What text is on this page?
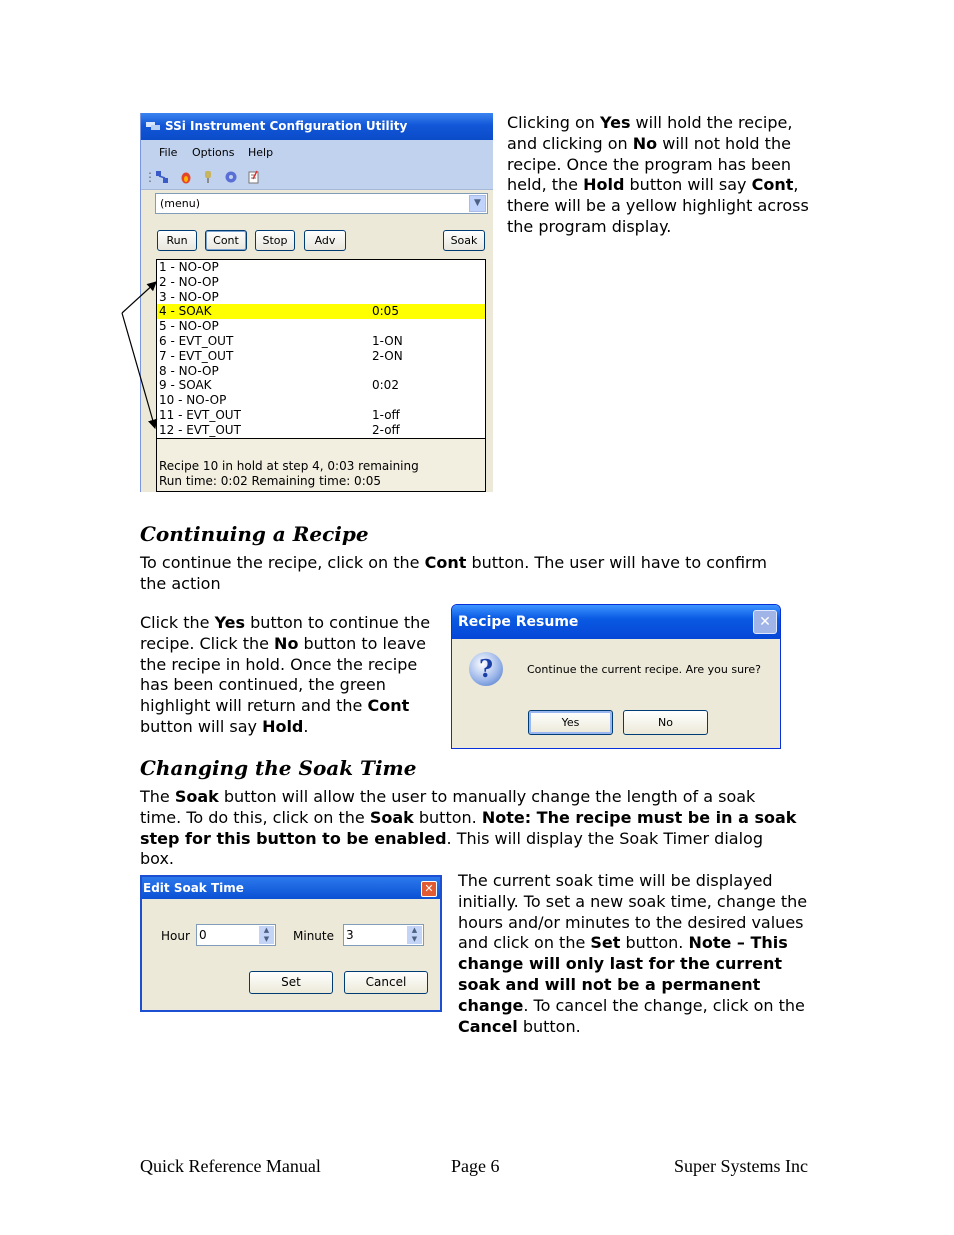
SSi Instrument Configuration Utility
File Options Help
⋮
(menu)	▼
Run	Cont	Stop	Adv	Soak
1 - NO-OP
2 - NO-OP
3 - NO-OP
4 - SOAK	0:05
5 - NO-OP
6 - EVT_OUT	1-ON
7 - EVT_OUT	2-ON
8 - NO-OP
9 - SOAK	0:02
10 - NO-OP
11 - EVT_OUT	1-off
12 - EVT_OUT	2-off
Recipe 10 in hold at step 4, 0:03 remaining
Run time: 0:02 Remaining time: 0:05
Clicking on Yes will hold the recipe, and clicking on No will not hold the recipe. Once the program has been held, the Hold button will say Cont, there will be a yellow highlight across the program display.
Continuing a Recipe
To continue the recipe, click on the Cont button. The user will have to confirm the action
Click the Yes button to continue the recipe. Click the No button to leave the recipe in hold. Once the recipe has been continued, the green highlight will return and the Cont button will say Hold.
Recipe Resume	✕
?	Continue the current recipe. Are you sure?
Yes	No
Changing the Soak Time
The Soak button will allow the user to manually change the length of a soak time. To do this, click on the Soak button. Note: The recipe must be in a soak step for this button to be enabled. This will display the Soak Timer dialog box.
Edit Soak Time	✕
Hour 0	▲
▼	Minute 3	▲
▼
Set	Cancel
The current soak time will be displayed initially. To set a new soak time, change the hours and/or minutes to the desired values and click on the Set button. Note – This change will only last for the current soak and will not be a permanent change. To cancel the change, click on the Cancel button.
Quick Reference Manual	Page 6	Super Systems Inc
